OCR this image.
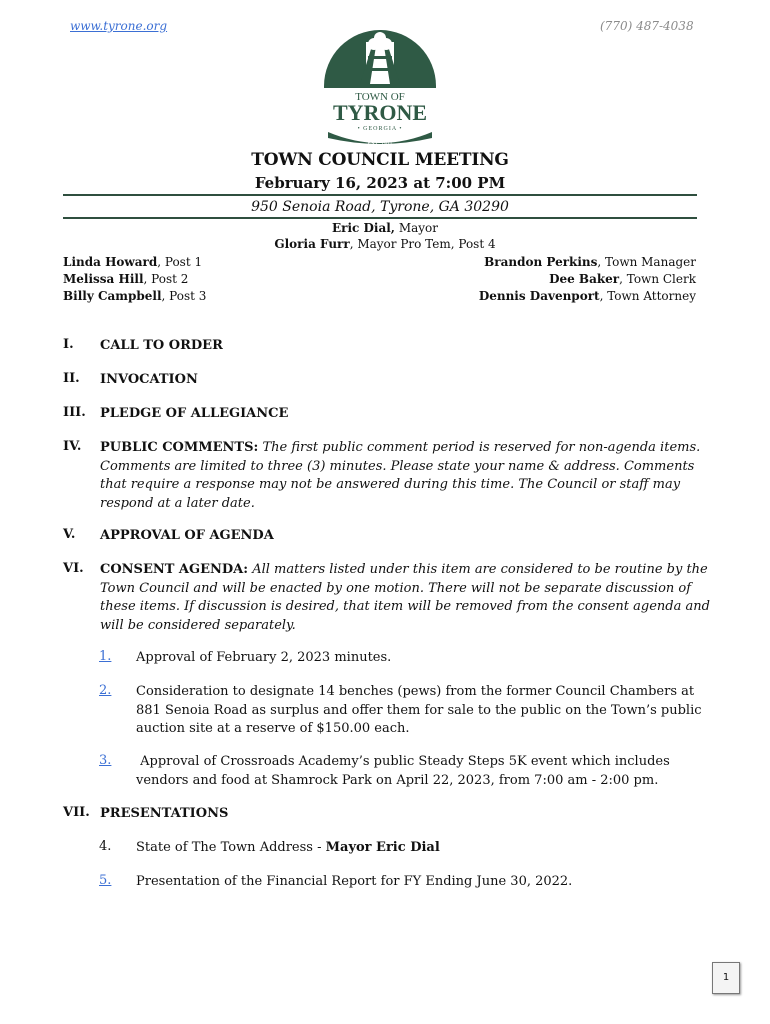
www.tyrone.org	(770) 487-4038
TOWN OF
TYRONE
• GEORGIA •
EST. 1911
TOWN COUNCIL MEETING
February 16, 2023 at 7:00 PM
950 Senoia Road, Tyrone, GA 30290
Eric Dial, Mayor
Gloria Furr, Mayor Pro Tem, Post 4
Linda Howard, Post 1
Melissa Hill, Post 2
Billy Campbell, Post 3
Brandon Perkins, Town Manager
Dee Baker, Town Clerk
Dennis Davenport, Town Attorney
I. CALL TO ORDER
II. INVOCATION
III. PLEDGE OF ALLEGIANCE
IV. PUBLIC COMMENTS: The first public comment period is reserved for non-agenda items. Comments are limited to three (3) minutes. Please state your name & address. Comments that require a response may not be answered during this time. The Council or staff may respond at a later date.
V. APPROVAL OF AGENDA
VI. CONSENT AGENDA: All matters listed under this item are considered to be routine by the Town Council and will be enacted by one motion. There will not be separate discussion of these items. If discussion is desired, that item will be removed from the consent agenda and will be considered separately.
1. Approval of February 2, 2023 minutes.
2. Consideration to designate 14 benches (pews) from the former Council Chambers at 881 Senoia Road as surplus and offer them for sale to the public on the Town’s public auction site at a reserve of $150.00 each.
3. Approval of Crossroads Academy’s public Steady Steps 5K event which includes vendors and food at Shamrock Park on April 22, 2023, from 7:00 am - 2:00 pm.
VII. PRESENTATIONS
4. State of The Town Address - Mayor Eric Dial
5. Presentation of the Financial Report for FY Ending June 30, 2022.
1
